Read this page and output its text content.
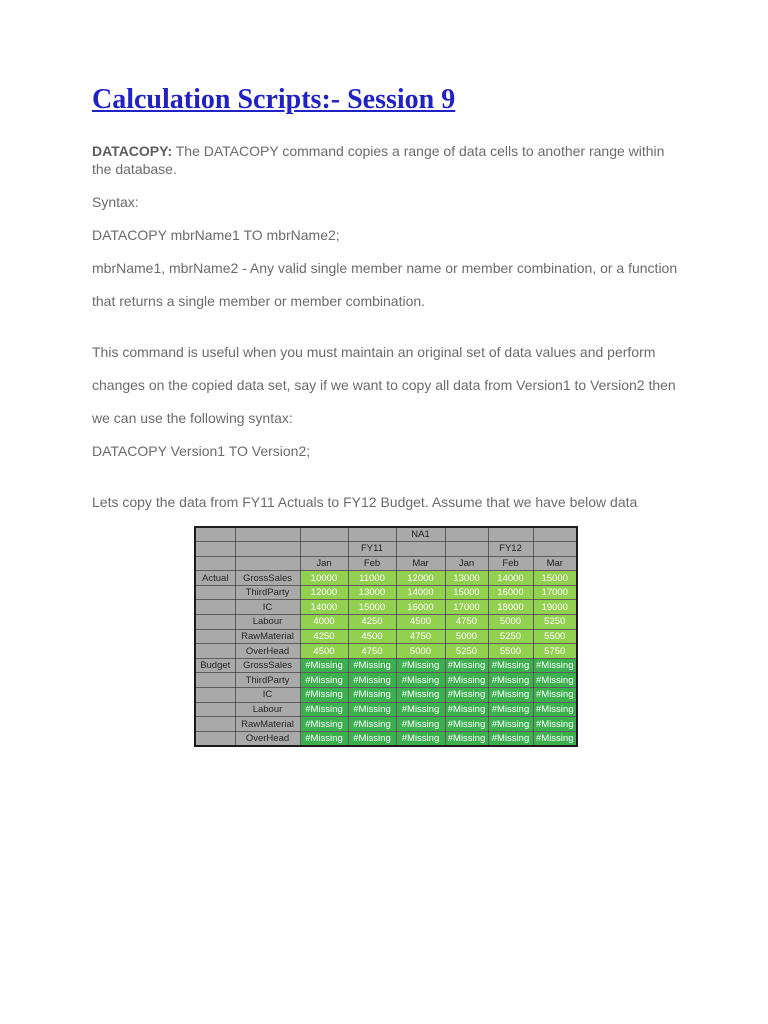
Calculation Scripts:- Session 9

DATACOPY: The DATACOPY command copies a range of data cells to another range within the database.

Syntax:

DATACOPY mbrName1 TO mbrName2;

mbrName1, mbrName2 - Any valid single member name or member combination, or a function

that returns a single member or member combination.

This command is useful when you must maintain an original set of data values and perform

changes on the copied data set, say if we want to copy all data from Version1 to Version2 then

we can use the following syntax:

DATACOPY Version1 TO Version2;

Lets copy the data from FY11 Actuals to FY12 Budget. Assume that we have below data

				NA1			
			FY11			FY12	
		Jan	Feb	Mar	Jan	Feb	Mar
Actual	GrossSales	10000	11000	12000	13000	14000	15000
	ThirdParty	12000	13000	14000	15000	16000	17000
	IC	14000	15000	16000	17000	18000	19000
	Labour	4000	4250	4500	4750	5000	5250
	RawMaterial	4250	4500	4750	5000	5250	5500
	OverHead	4500	4750	5000	5250	5500	5750
Budget	GrossSales	#Missing	#Missing	#Missing	#Missing	#Missing	#Missing
	ThirdParty	#Missing	#Missing	#Missing	#Missing	#Missing	#Missing
	IC	#Missing	#Missing	#Missing	#Missing	#Missing	#Missing
	Labour	#Missing	#Missing	#Missing	#Missing	#Missing	#Missing
	RawMaterial	#Missing	#Missing	#Missing	#Missing	#Missing	#Missing
	OverHead	#Missing	#Missing	#Missing	#Missing	#Missing	#Missing
